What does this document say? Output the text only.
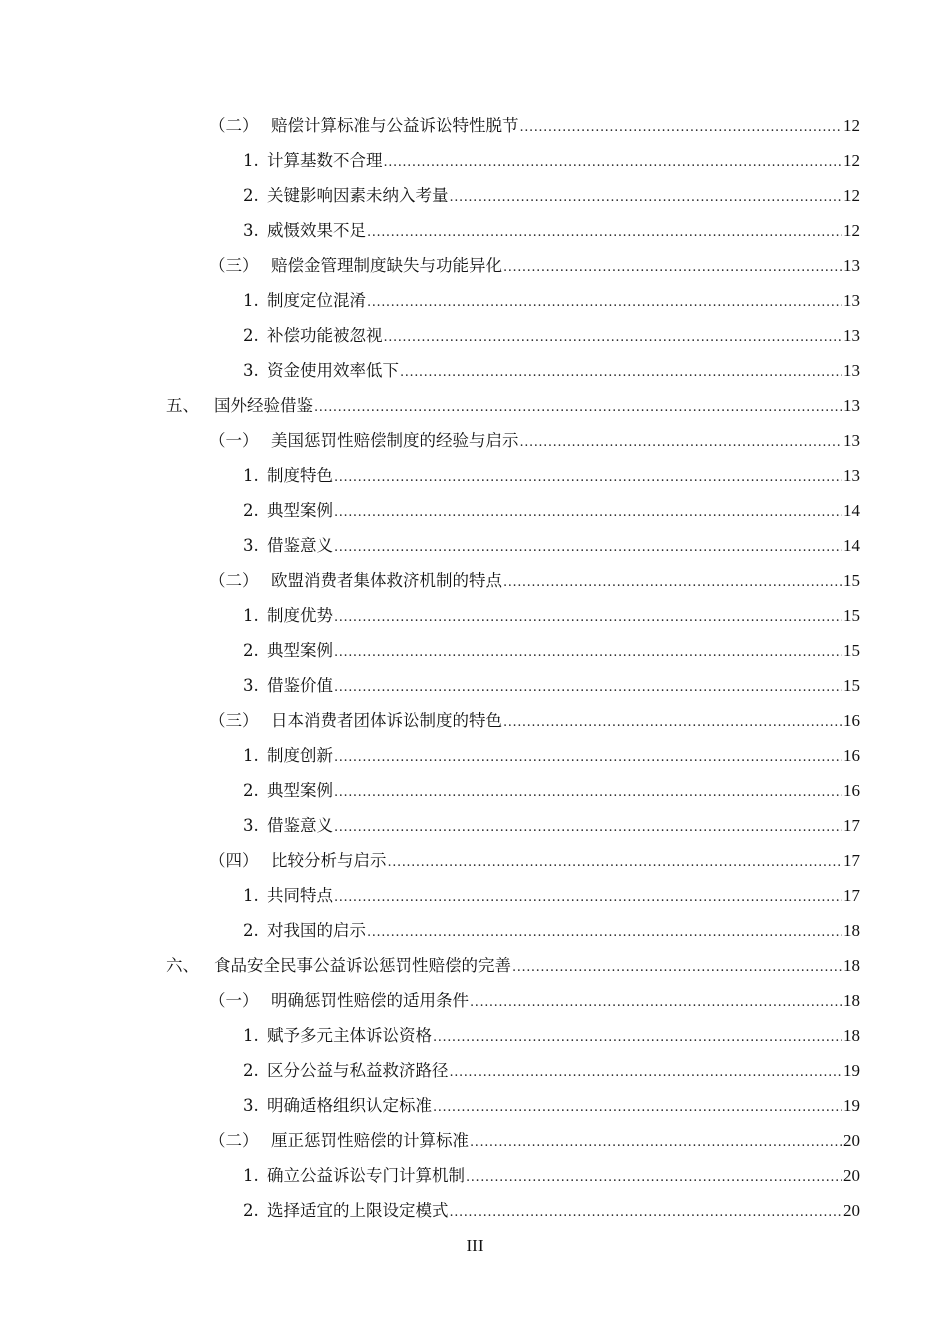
（二） 赔偿计算标准与公益诉讼特性脱节 .....	12
1. 计算基数不合理 .....	12
2. 关键影响因素未纳入考量 .....	12
3. 威慑效果不足 .....	12
（三） 赔偿金管理制度缺失与功能异化 .....	13
1. 制度定位混淆 .....	13
2. 补偿功能被忽视 .....	13
3. 资金使用效率低下 .....	13
五、 国外经验借鉴 .....	13
（一） 美国惩罚性赔偿制度的经验与启示 .....	13
1. 制度特色 .....	13
2. 典型案例 .....	14
3. 借鉴意义 .....	14
（二） 欧盟消费者集体救济机制的特点 .....	15
1. 制度优势 .....	15
2. 典型案例 .....	15
3. 借鉴价值 .....	15
（三） 日本消费者团体诉讼制度的特色 .....	16
1. 制度创新 .....	16
2. 典型案例 .....	16
3. 借鉴意义 .....	17
（四） 比较分析与启示 .....	17
1. 共同特点 .....	17
2. 对我国的启示 .....	18
六、 食品安全民事公益诉讼惩罚性赔偿的完善 .....	18
（一） 明确惩罚性赔偿的适用条件 .....	18
1. 赋予多元主体诉讼资格 .....	18
2. 区分公益与私益救济路径 .....	19
3. 明确适格组织认定标准 .....	19
（二） 厘正惩罚性赔偿的计算标准 .....	20
1. 确立公益诉讼专门计算机制 .....	20
2. 选择适宜的上限设定模式 .....	20
III
